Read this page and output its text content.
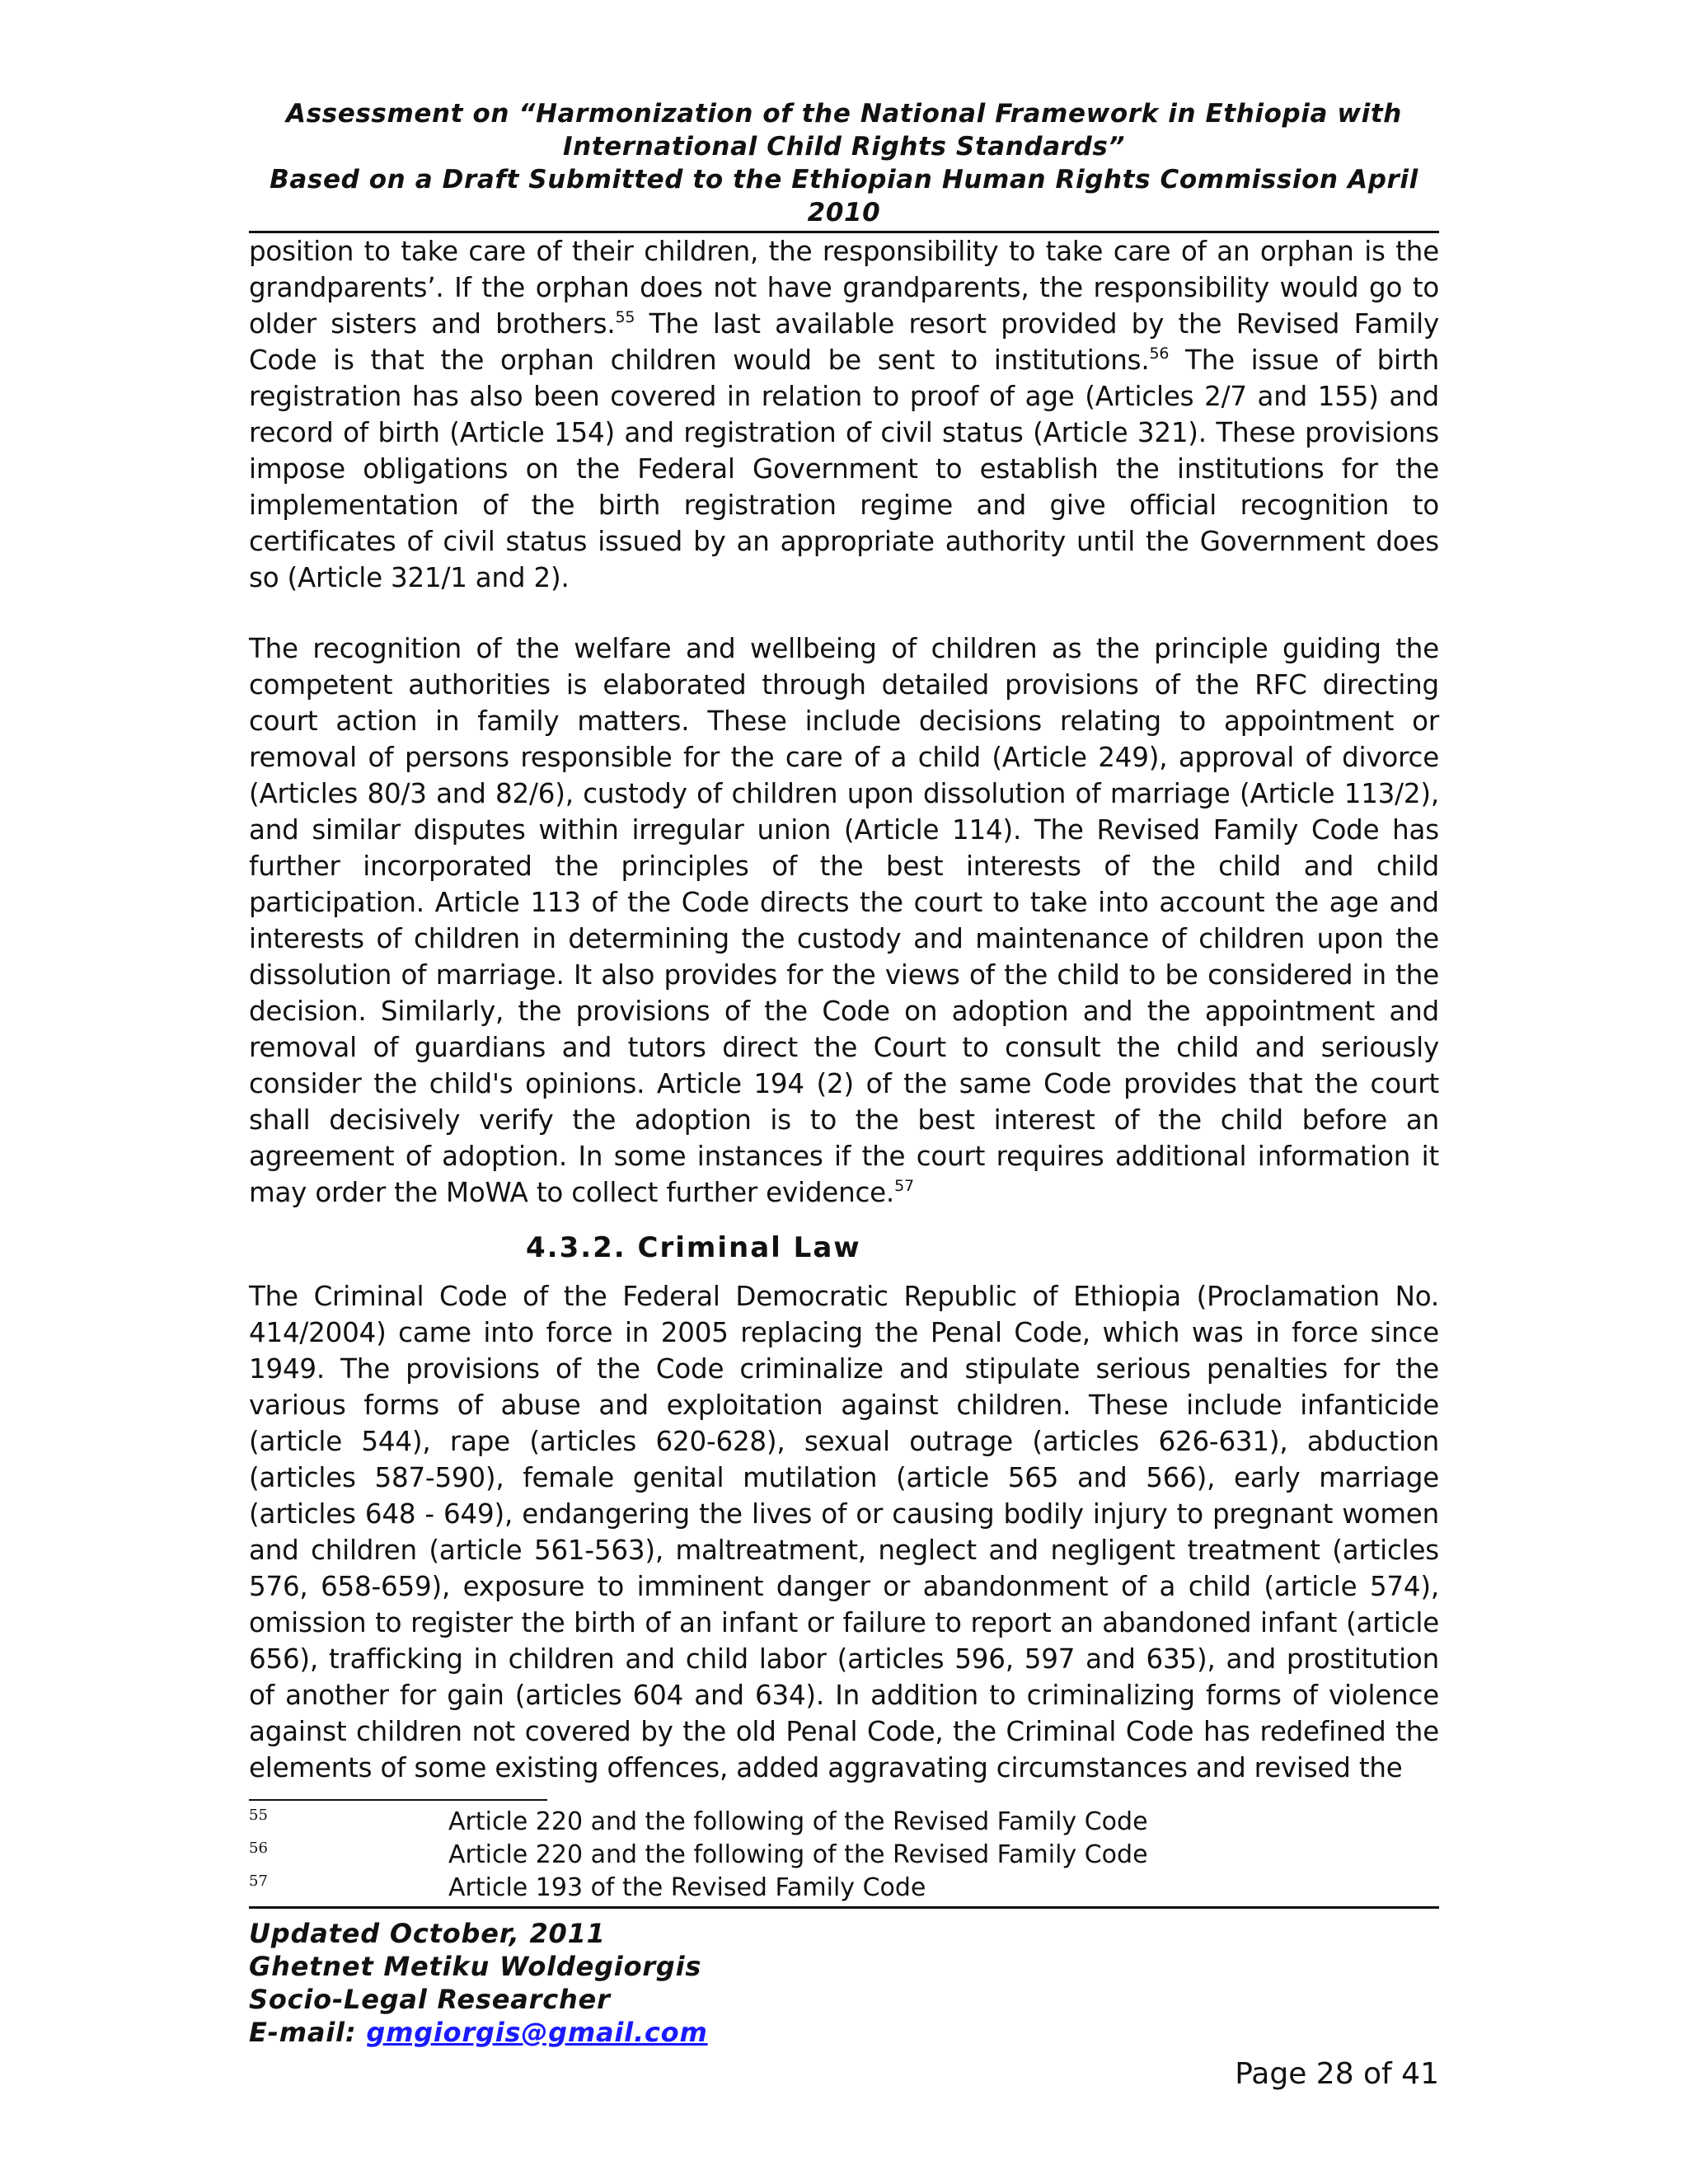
Assessment on “Harmonization of the National Framework in Ethiopia with
International Child Rights Standards”
Based on a Draft Submitted to the Ethiopian Human Rights Commission April 2010

position to take care of their children, the responsibility to take care of an orphan is the grandparents’. If the orphan does not have grandparents, the responsibility would go to older sisters and brothers.$^{55}$ The last available resort provided by the Revised Family Code is that the orphan children would be sent to institutions.$^{56}$ The issue of birth registration has also been covered in relation to proof of age (Articles 2/7 and 155) and record of birth (Article 154) and registration of civil status (Article 321). These provisions impose obligations on the Federal Government to establish the institutions for the implementation of the birth registration regime and give official recognition to certificates of civil status issued by an appropriate authority until the Government does so (Article 321/1 and 2).

The recognition of the welfare and wellbeing of children as the principle guiding the competent authorities is elaborated through detailed provisions of the RFC directing court action in family matters. These include decisions relating to appointment or removal of persons responsible for the care of a child (Article 249), approval of divorce (Articles 80/3 and 82/6), custody of children upon dissolution of marriage (Article 113/2), and similar disputes within irregular union (Article 114). The Revised Family Code has further incorporated the principles of the best interests of the child and child participation. Article 113 of the Code directs the court to take into account the age and interests of children in determining the custody and maintenance of children upon the dissolution of marriage. It also provides for the views of the child to be considered in the decision. Similarly, the provisions of the Code on adoption and the appointment and removal of guardians and tutors direct the Court to consult the child and seriously consider the child's opinions. Article 194 (2) of the same Code provides that the court shall decisively verify the adoption is to the best interest of the child before an agreement of adoption. In some instances if the court requires additional information it may order the MoWA to collect further evidence.$^{57}$

4.3.2. Criminal Law

The Criminal Code of the Federal Democratic Republic of Ethiopia (Proclamation No. 414/2004) came into force in 2005 replacing the Penal Code, which was in force since 1949. The provisions of the Code criminalize and stipulate serious penalties for the various forms of abuse and exploitation against children. These include infanticide (article 544), rape (articles 620-628), sexual outrage (articles 626-631), abduction (articles 587-590), female genital mutilation (article 565 and 566), early marriage (articles 648 - 649), endangering the lives of or causing bodily injury to pregnant women and children (article 561-563), maltreatment, neglect and negligent treatment (articles 576, 658-659), exposure to imminent danger or abandonment of a child (article 574), omission to register the birth of an infant or failure to report an abandoned infant (article 656), trafficking in children and child labor (articles 596, 597 and 635), and prostitution of another for gain (articles 604 and 634). In addition to criminalizing forms of violence against children not covered by the old Penal Code, the Criminal Code has redefined the elements of some existing offences, added aggravating circumstances and revised the

55	Article 220 and the following of the Revised Family Code
56	Article 220 and the following of the Revised Family Code
57	Article 193 of the Revised Family Code
Updated October, 2011
Ghetnet Metiku Woldegiorgis
Socio-Legal Researcher
E-mail: gmgiorgis@gmail.com
Page 28 of 41
